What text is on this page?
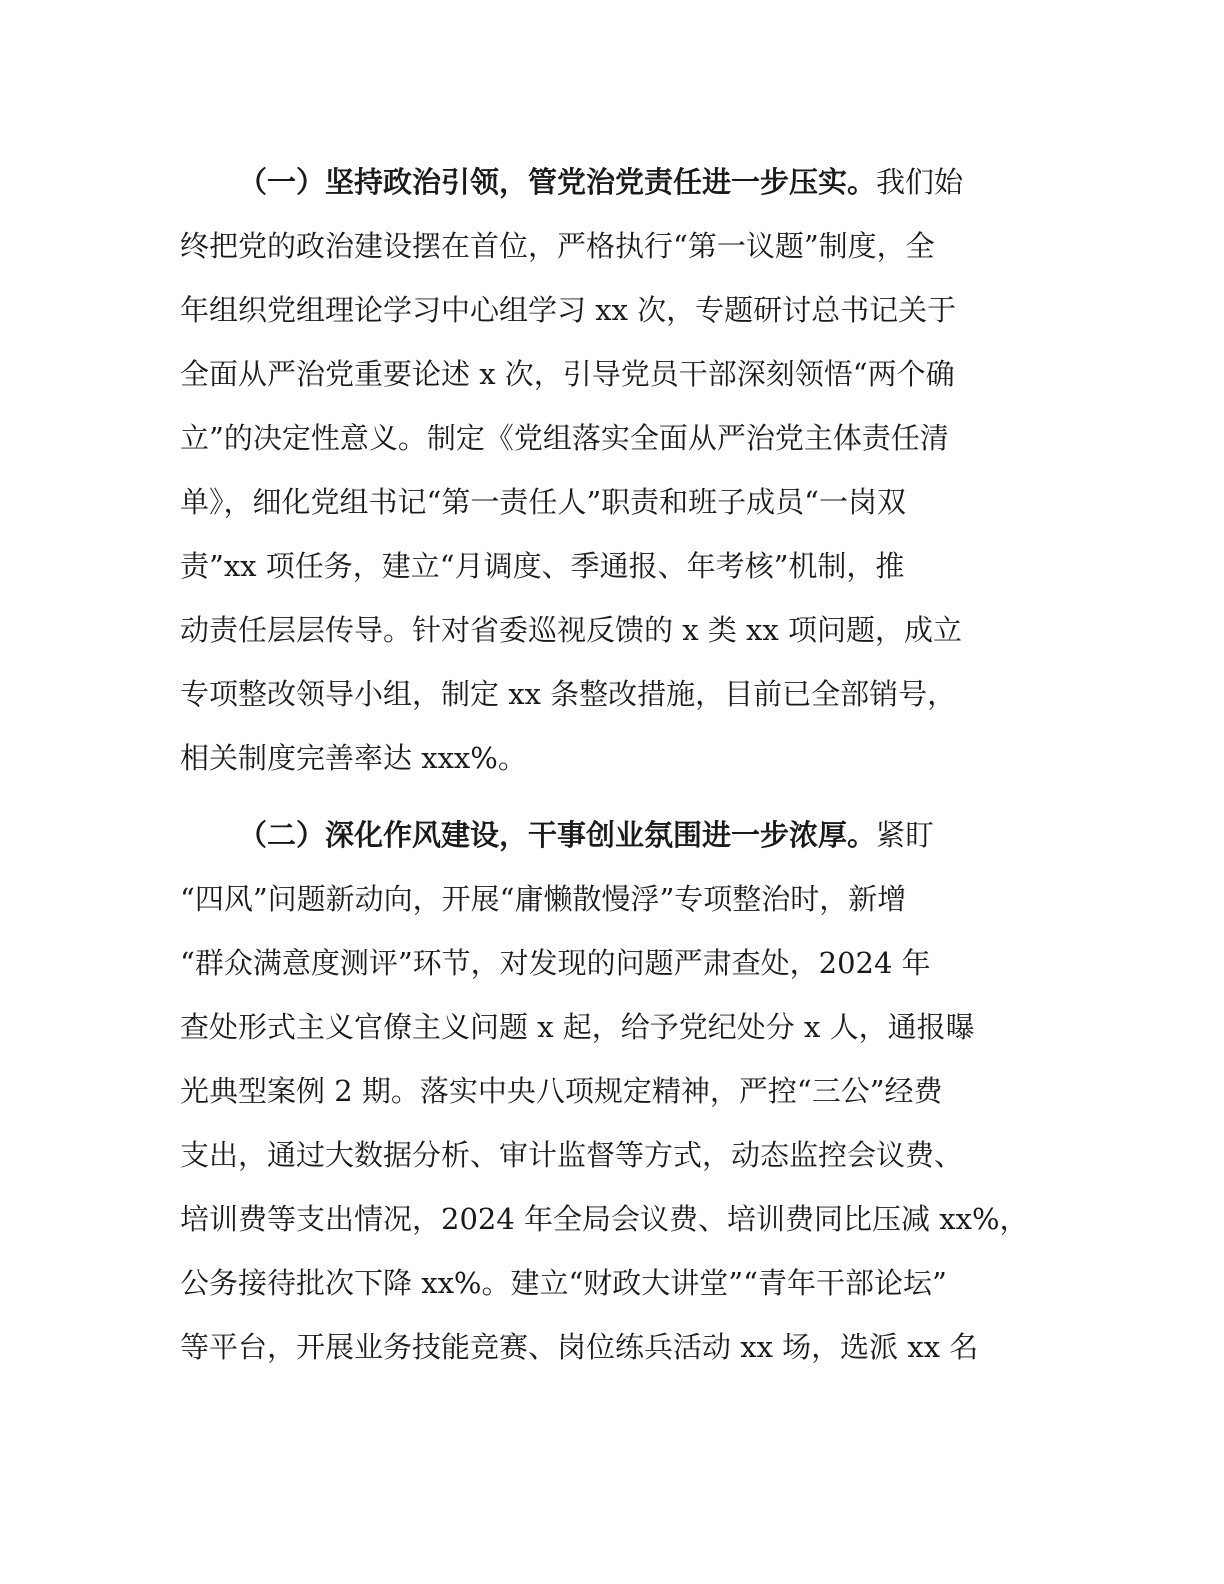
（一）坚持政治引领，管党治党责任进一步压实。我们始
终把党的政治建设摆在首位，严格执行“第一议题”制度，全
年组织党组理论学习中心组学习 xx 次，专题研讨总书记关于
全面从严治党重要论述 x 次，引导党员干部深刻领悟“两个确
立”的决定性意义。制定《党组落实全面从严治党主体责任清
单》，细化党组书记“第一责任人”职责和班子成员“一岗双
责”xx 项任务，建立“月调度、季通报、年考核”机制，推
动责任层层传导。针对省委巡视反馈的 x 类 xx 项问题，成立
专项整改领导小组，制定 xx 条整改措施，目前已全部销号，
相关制度完善率达 xxx%。
（二）深化作风建设，干事创业氛围进一步浓厚。紧盯
“四风”问题新动向，开展“庸懒散慢浮”专项整治时，新增
“群众满意度测评”环节，对发现的问题严肃查处，2024 年
查处形式主义官僚主义问题 x 起，给予党纪处分 x 人，通报曝
光典型案例 2 期。落实中央八项规定精神，严控“三公”经费
支出，通过大数据分析、审计监督等方式，动态监控会议费、
培训费等支出情况，2024 年全局会议费、培训费同比压减 xx%，
公务接待批次下降 xx%。建立“财政大讲堂”“青年干部论坛”
等平台，开展业务技能竞赛、岗位练兵活动 xx 场，选派 xx 名
